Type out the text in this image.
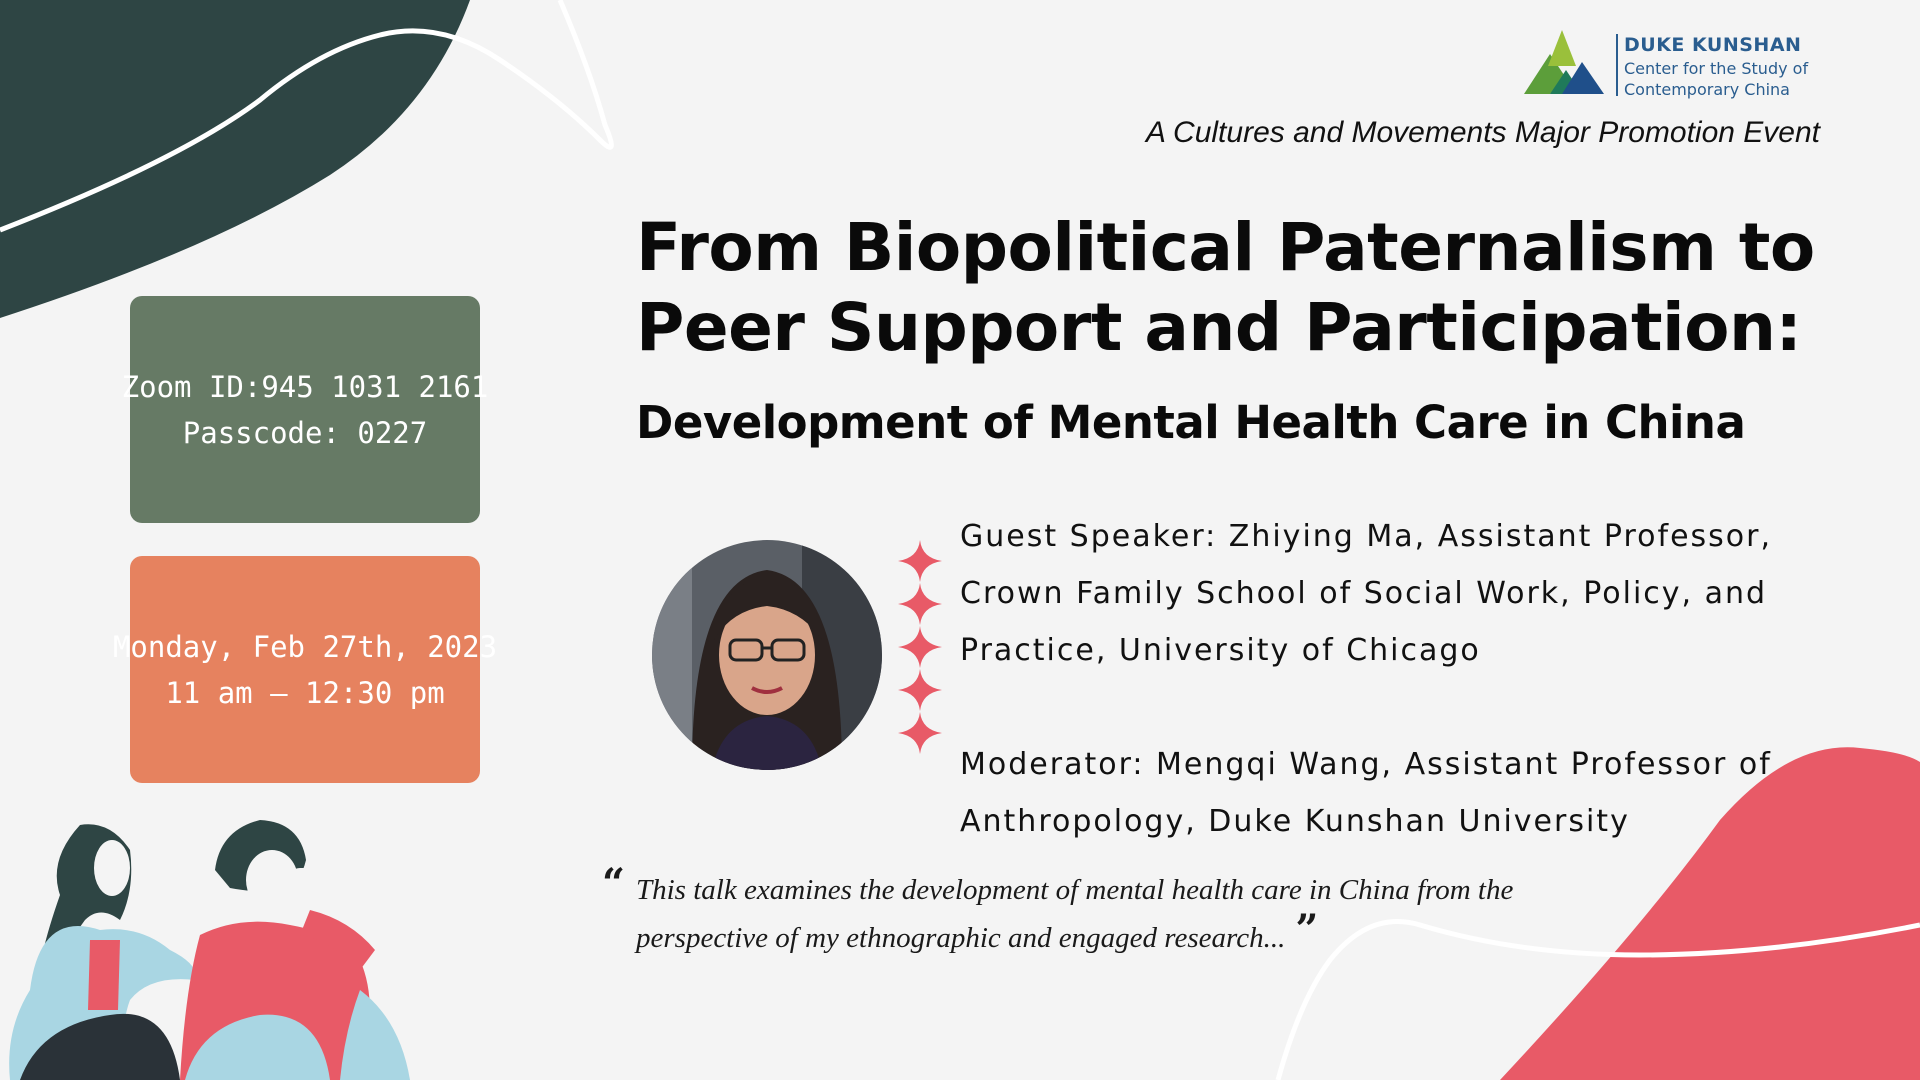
DUKE KUNSHAN
Center for the Study of
Contemporary China
A Cultures and Movements Major Promotion Event
From Biopolitical Paternalism to
Peer Support and Participation:
Development of Mental Health Care in China
Zoom ID:945 1031 2161
Passcode: 0227
Monday, Feb 27th, 2023
11 am – 12:30 pm

Guest Speaker: Zhiying Ma, Assistant Professor,

Crown Family School of Social Work, Policy, and

Practice, University of Chicago

Moderator: Mengqi Wang, Assistant Professor of

Anthropology, Duke Kunshan University

“ This talk examines the development of mental health care in China from the
perspective of my ethnographic and engaged research... ”
